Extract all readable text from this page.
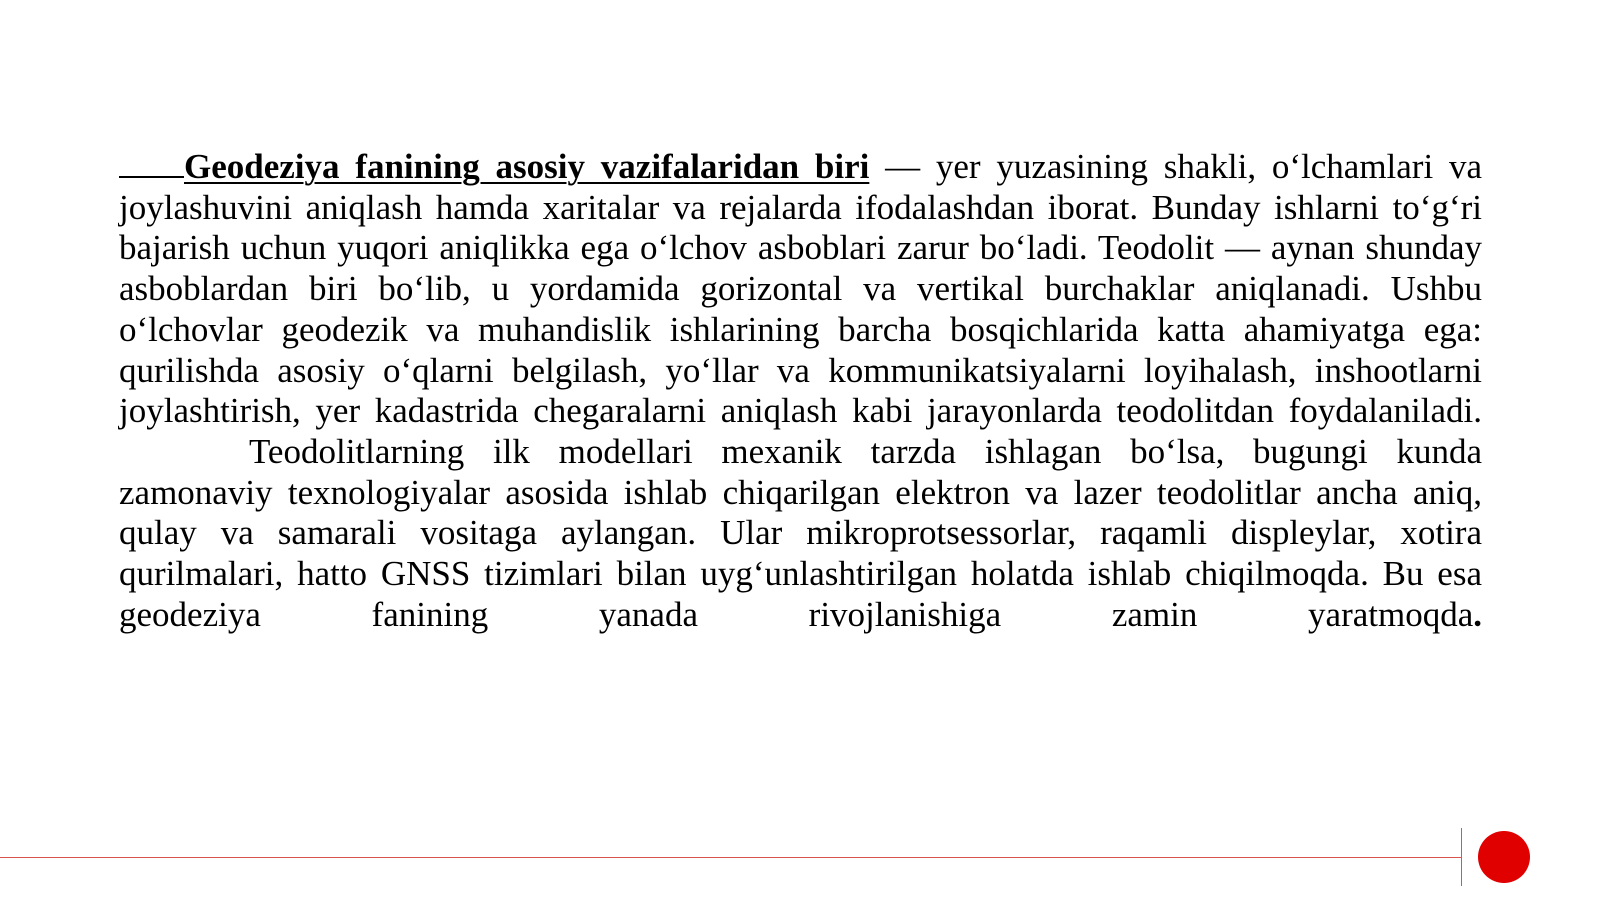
Geodeziya fanining asosiy vazifalaridan biri — yer yuzasining shakli, oʻlchamlari va joylashuvini aniqlash hamda xaritalar va rejalarda ifodalashdan iborat. Bunday ishlarni toʻgʻri bajarish uchun yuqori aniqlikka ega oʻlchov asboblari zarur boʻladi. Teodolit — aynan shunday asboblardan biri boʻlib, u yordamida gorizontal va vertikal burchaklar aniqlanadi. Ushbu oʻlchovlar geodezik va muhandislik ishlarining barcha bosqichlarida katta ahamiyatga ega: qurilishda asosiy oʻqlarni belgilash, yoʻllar va kommunikatsiyalarni loyihalash, inshootlarni joylashtirish, yer kadastrida chegaralarni aniqlash kabi jarayonlarda teodolitdan foydalaniladi.

Teodolitlarning ilk modellari mexanik tarzda ishlagan boʻlsa, bugungi kunda zamonaviy texnologiyalar asosida ishlab chiqarilgan elektron va lazer teodolitlar ancha aniq, qulay va samarali vositaga aylangan. Ular mikroprotsessorlar, raqamli displeylar, xotira qurilmalari, hatto GNSS tizimlari bilan uygʻunlashtirilgan holatda ishlab chiqilmoqda. Bu esa geodeziya fanining yanada rivojlanishiga zamin yaratmoqda.
